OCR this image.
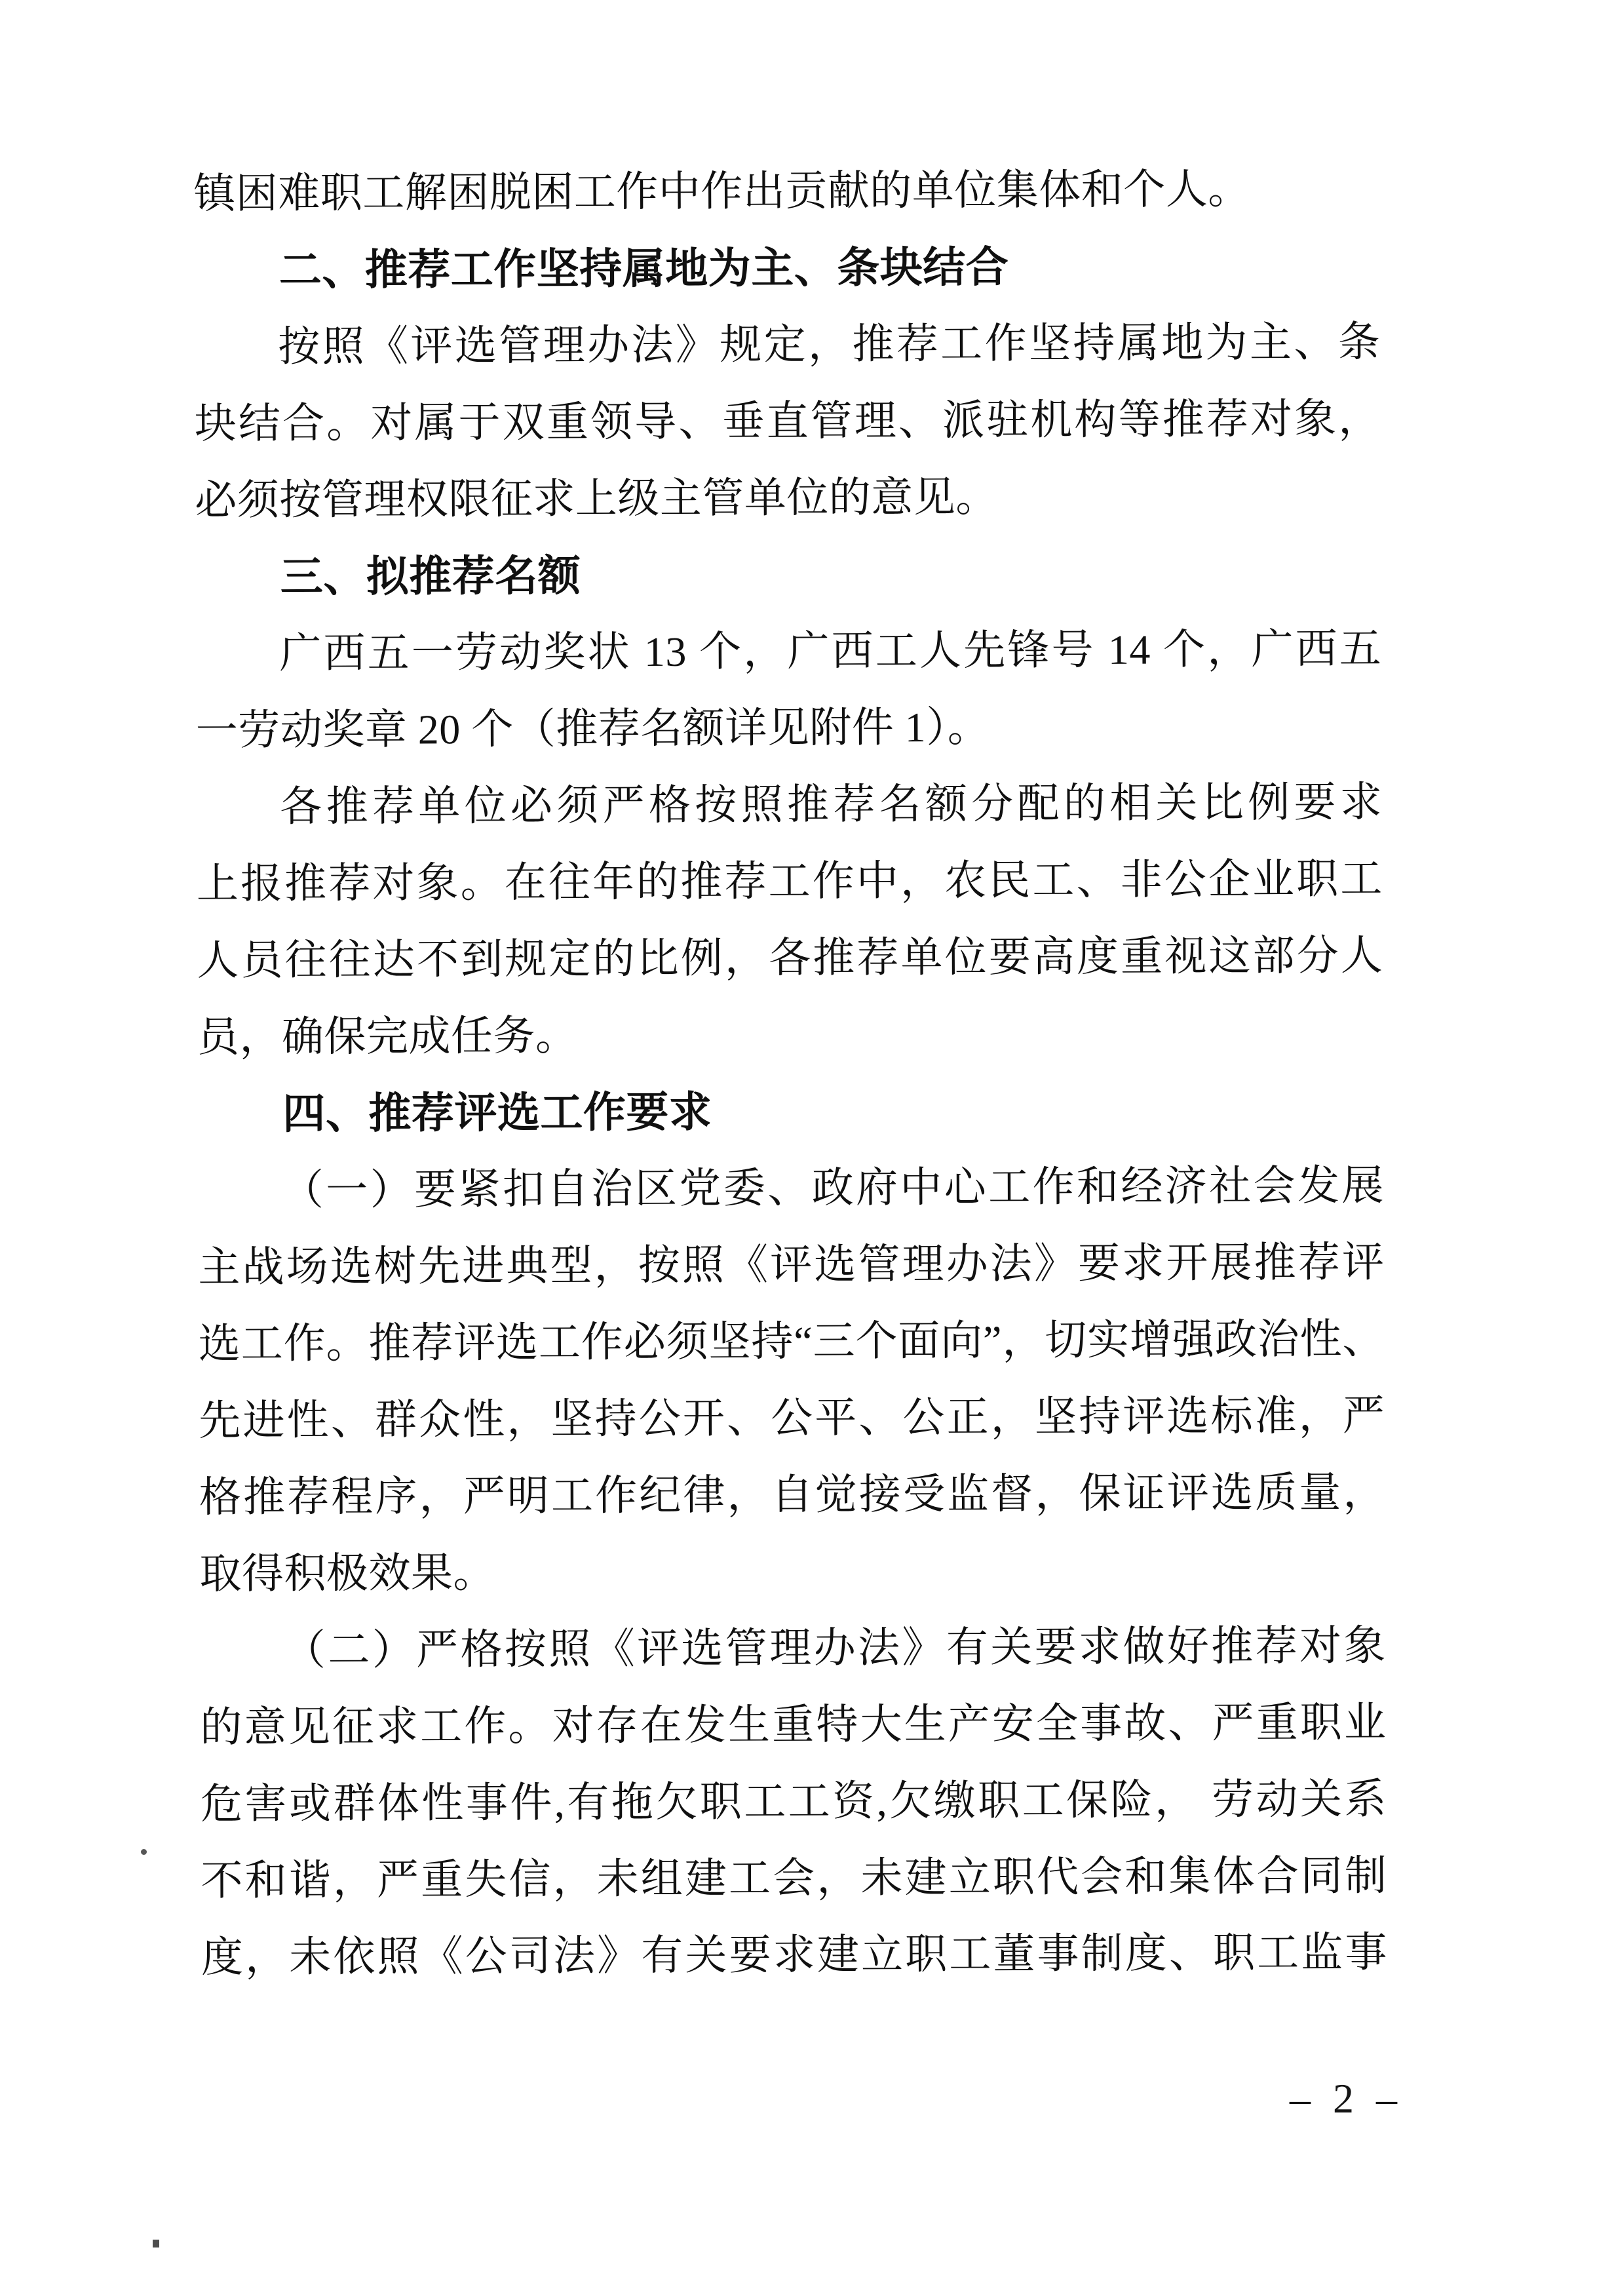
镇困难职工解困脱困工作中作出贡献的单位集体和个人。
二、推荐工作坚持属地为主、条块结合
按照《评选管理办法》规定，推荐工作坚持属地为主、条
块结合。对属于双重领导、垂直管理、派驻机构等推荐对象，
必须按管理权限征求上级主管单位的意见。
三、拟推荐名额
广西五一劳动奖状 13 个，广西工人先锋号 14 个，广西五
一劳动奖章 20 个（推荐名额详见附件 1）。
各推荐单位必须严格按照推荐名额分配的相关比例要求
上报推荐对象。在往年的推荐工作中，农民工、非公企业职工
人员往往达不到规定的比例，各推荐单位要高度重视这部分人
员，确保完成任务。
四、推荐评选工作要求
（一）要紧扣自治区党委、政府中心工作和经济社会发展
主战场选树先进典型，按照《评选管理办法》要求开展推荐评
选工作。推荐评选工作必须坚持“三个面向”，切实增强政治性、
先进性、群众性，坚持公开、公平、公正，坚持评选标准，严
格推荐程序，严明工作纪律，自觉接受监督，保证评选质量，
取得积极效果。
（二）严格按照《评选管理办法》有关要求做好推荐对象
的意见征求工作。对存在发生重特大生产安全事故、严重职业
危害或群体性事件,有拖欠职工工资,欠缴职工保险， 劳动关系
不和谐，严重失信，未组建工会，未建立职代会和集体合同制
度，未依照《公司法》有关要求建立职工董事制度、职工监事
– 2 –
